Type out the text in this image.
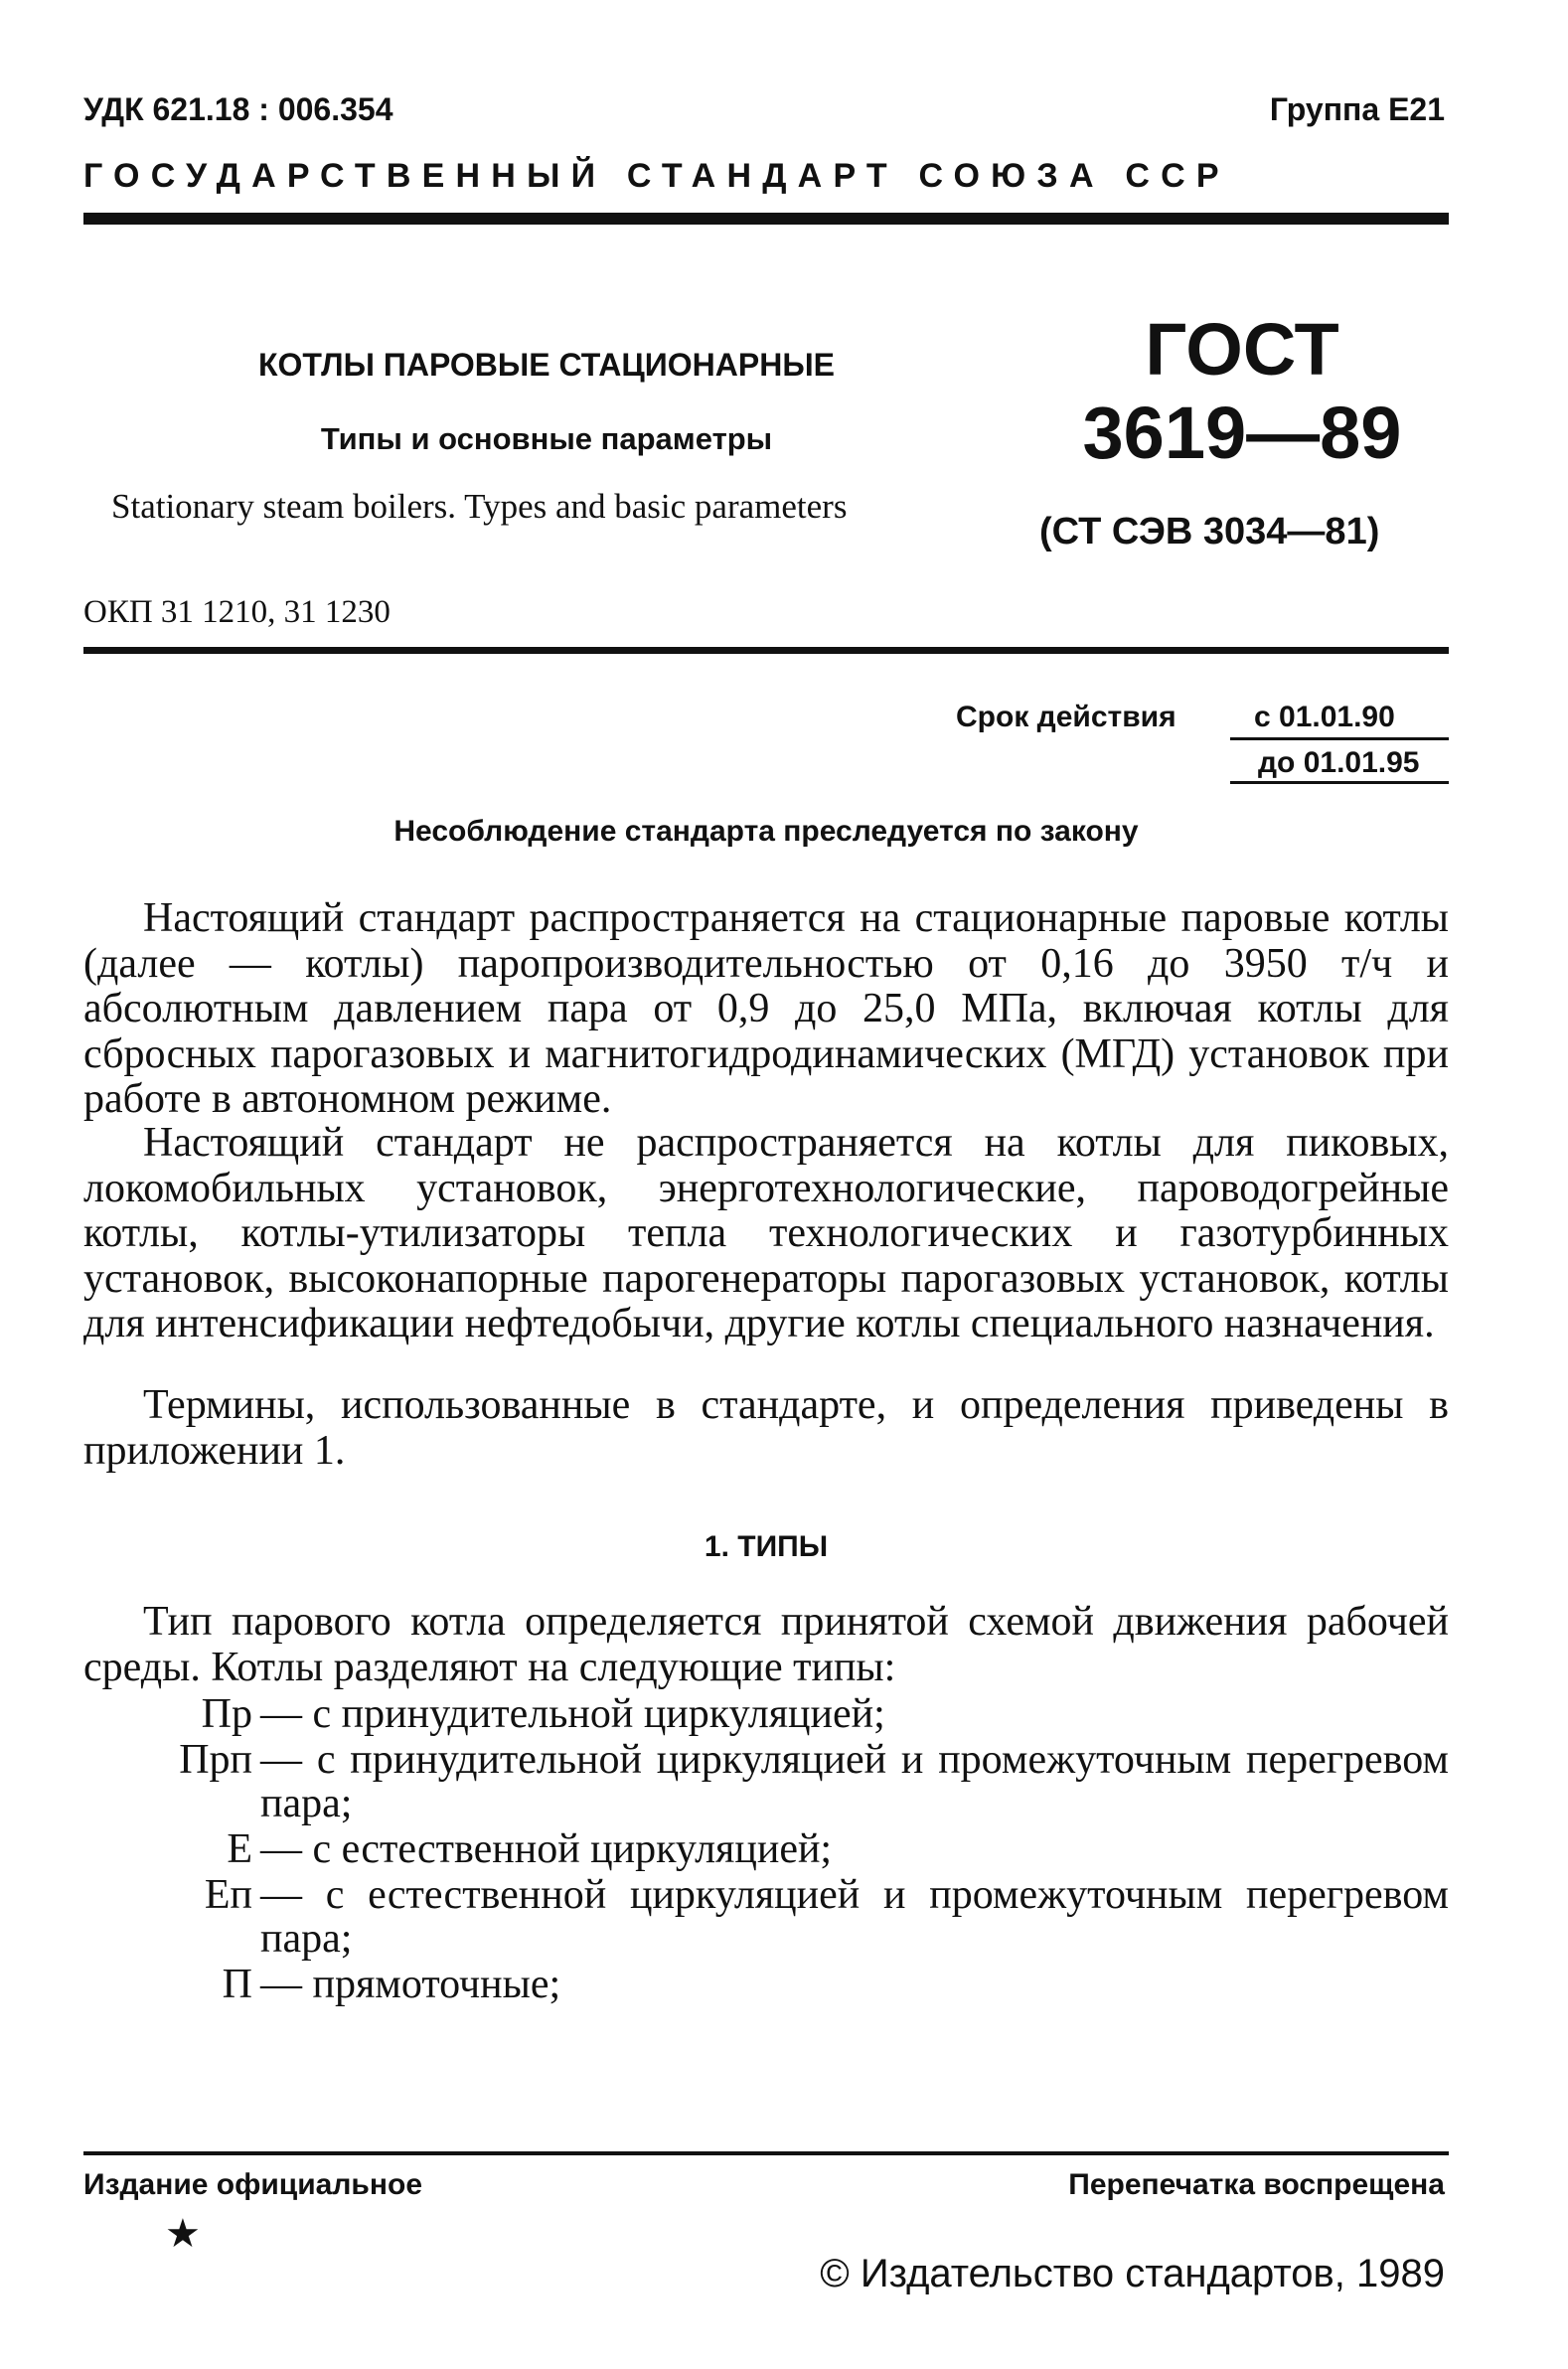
УДК 621.18 : 006.354	Группа Е21
ГОСУДАРСТВЕННЫЙ СТАНДАРТ СОЮЗА ССР
КОТЛЫ ПАРОВЫЕ СТАЦИОНАРНЫЕ
Типы и основные параметры
Stationary steam boilers. Types and basic parameters
ОКП 31 1210, 31 1230
ГОСТ
3619—89
(СТ СЭВ 3034—81)
Срок действия	с 01.01.90
до 01.01.95
Несоблюдение стандарта преследуется по закону
Настоящий стандарт распространяется на стационарные паровые котлы (далее — котлы) паропроизводительностью от 0,16 до 3950 т/ч и абсолютным давлением пара от 0,9 до 25,0 МПа, включая котлы для сбросных парогазовых и магнитогидродинамических (МГД) установок при работе в автономном режиме.
Настоящий стандарт не распространяется на котлы для пиковых, локомобильных установок, энерготехнологические, пароводогрейные котлы, котлы-утилизаторы тепла технологических и газотурбинных установок, высоконапорные парогенераторы парогазовых установок, котлы для интенсификации нефтедобычи, другие котлы специального назначения.
Термины, использованные в стандарте, и определения приведены в приложении 1.
1. ТИПЫ
Тип парового котла определяется принятой схемой движения рабочей среды. Котлы разделяют на следующие типы:
Пр — с принудительной циркуляцией;
Прп — с принудительной циркуляцией и промежуточным перегревом пара;
Е — с естественной циркуляцией;
Еп — с естественной циркуляцией и промежуточным перегревом пара;
П — прямоточные;
Издание официальное
★
Перепечатка воспрещена
© Издательство стандартов, 1989
